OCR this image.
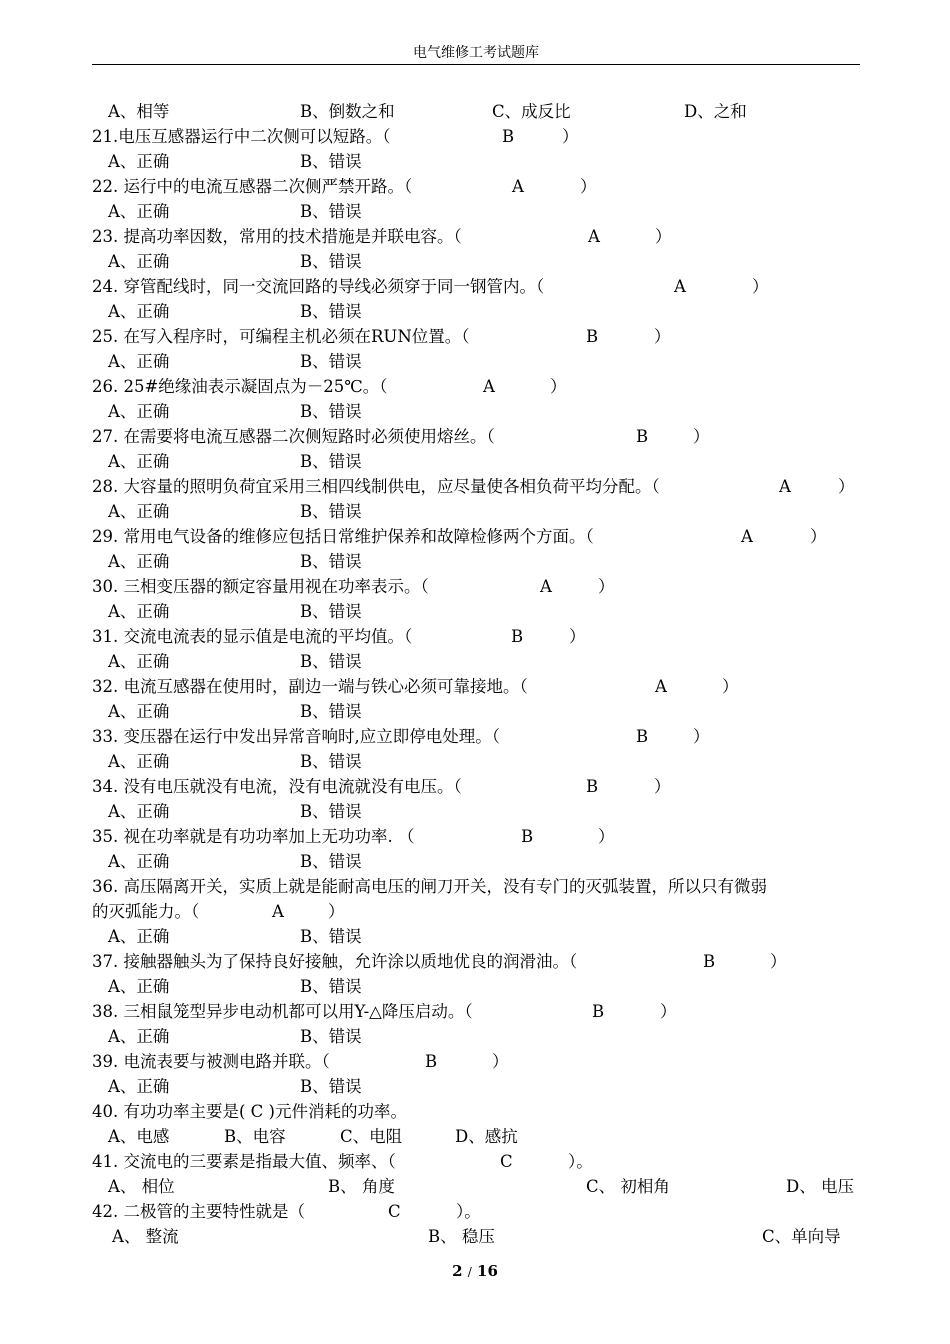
电气维修工考试题库
A、相等	B、倒数之和	C、成反比	D、之和
21.电压互感器运行中二次侧可以短路。（	B	）
A、正确	B、错误
22. 运行中的电流互感器二次侧严禁开路。（	A	）
A、正确	B、错误
23. 提高功率因数，常用的技术措施是并联电容。（	A	）
A、正确	B、错误
24. 穿管配线时，同一交流回路的导线必须穿于同一钢管内。（	A	）
A、正确	B、错误
25. 在写入程序时，可编程主机必须在RUN位置。（	B	）
A、正确	B、错误
26. 25#绝缘油表示凝固点为－25℃。（	A	）
A、正确	B、错误
27. 在需要将电流互感器二次侧短路时必须使用熔丝。（	B	）
A、正确	B、错误
28. 大容量的照明负荷宜采用三相四线制供电，应尽量使各相负荷平均分配。（	A	）
A、正确	B、错误
29. 常用电气设备的维修应包括日常维护保养和故障检修两个方面。（	A	）
A、正确	B、错误
30. 三相变压器的额定容量用视在功率表示。（	A	）
A、正确	B、错误
31. 交流电流表的显示值是电流的平均值。（	B	）
A、正确	B、错误
32. 电流互感器在使用时，副边一端与铁心必须可靠接地。（	A	）
A、正确	B、错误
33. 变压器在运行中发出异常音响时,应立即停电处理。（	B	）
A、正确	B、错误
34. 没有电压就没有电流，没有电流就没有电压。（	B	）
A、正确	B、错误
35. 视在功率就是有功功率加上无功功率. （	B	）
A、正确	B、错误
36. 高压隔离开关，实质上就是能耐高电压的闸刀开关，没有专门的灭弧装置，所以只有微弱
的灭弧能力。（	A	）
A、正确	B、错误
37. 接触器触头为了保持良好接触，允许涂以质地优良的润滑油。（	B	）
A、正确	B、错误
38. 三相鼠笼型异步电动机都可以用Y-△降压启动。（	B	）
A、正确	B、错误
39. 电流表要与被测电路并联。（	B	）
A、正确	B、错误
40. 有功功率主要是( C )元件消耗的功率。
A、电感	B、电容	C、电阻	D、感抗
41. 交流电的三要素是指最大值、频率、（	C	）。
A、 相位	B、 角度	C、 初相角	D、 电压
42. 二极管的主要特性就是（	C	）。
A、 整流	B、 稳压	C、单向导
2 / 16
